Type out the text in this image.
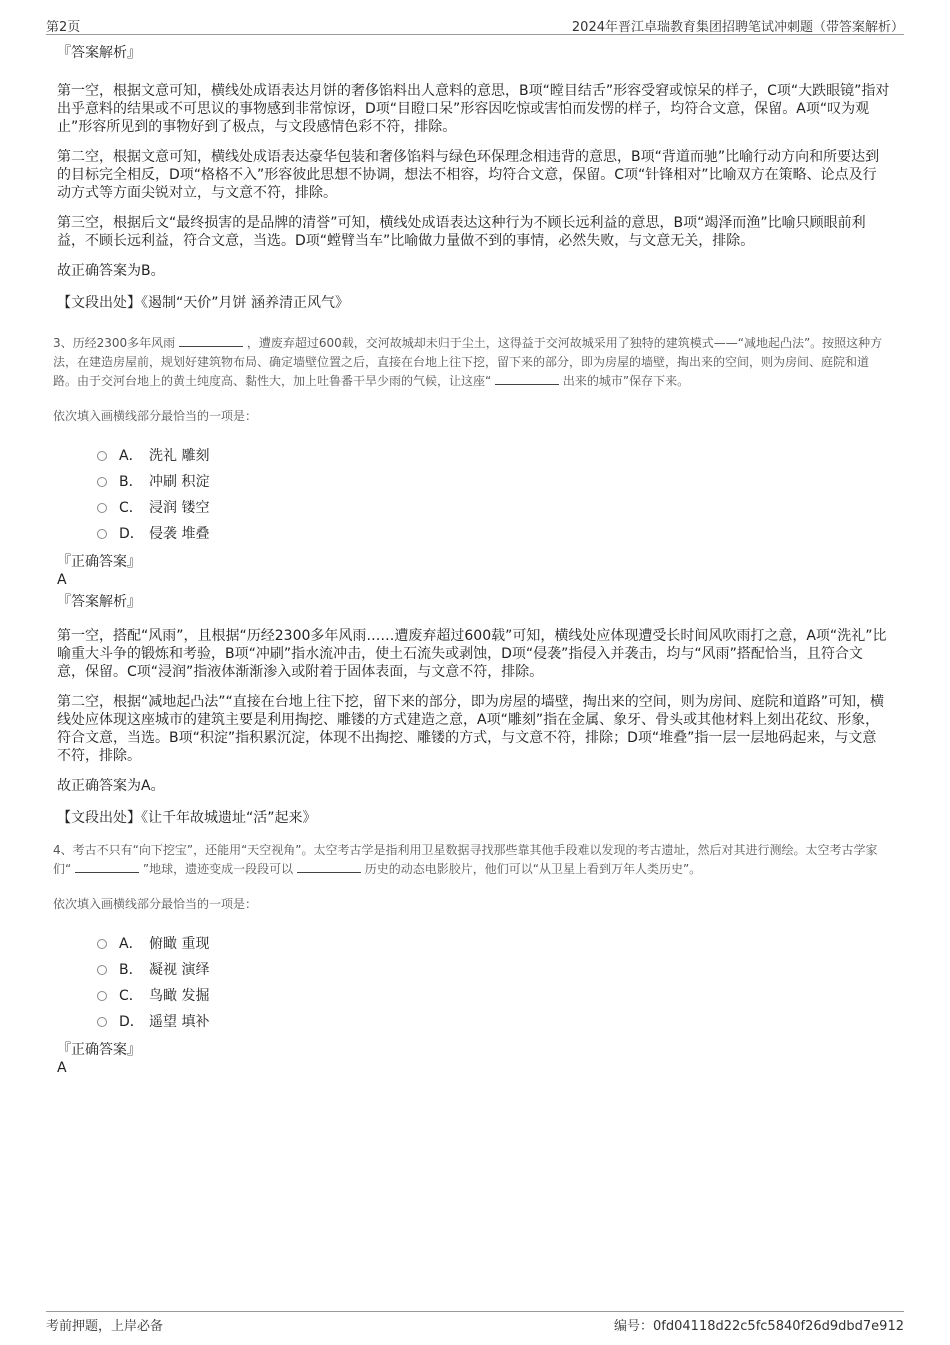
第2页	2024年晋江卓瑞教育集团招聘笔试冲刺题（带答案解析）
『答案解析』

第一空，根据文意可知，横线处成语表达月饼的奢侈馅料出人意料的意思，B项“瞠目结舌”形容受窘或惊呆的样子，C项“大跌眼镜”指对出乎意料的结果或不可思议的事物感到非常惊讶，D项“目瞪口呆”形容因吃惊或害怕而发愣的样子，均符合文意，保留。A项“叹为观止”形容所见到的事物好到了极点，与文段感情色彩不符，排除。

第二空，根据文意可知，横线处成语表达豪华包装和奢侈馅料与绿色环保理念相违背的意思，B项“背道而驰”比喻行动方向和所要达到的目标完全相反，D项“格格不入”形容彼此思想不协调，想法不相容，均符合文意，保留。C项“针锋相对”比喻双方在策略、论点及行动方式等方面尖锐对立，与文意不符，排除。

第三空，根据后文“最终损害的是品牌的清誉”可知，横线处成语表达这种行为不顾长远利益的意思，B项“竭泽而渔”比喻只顾眼前利益，不顾长远利益，符合文意，当选。D项“螳臂当车”比喻做力量做不到的事情，必然失败，与文意无关，排除。

故正确答案为B。

【文段出处】《遏制“天价”月饼 涵养清正风气》
3、历经2300多年风雨	，遭废弃超过600载，交河故城却未归于尘土，这得益于交河故城采用了独特的建筑模式——“减地起凸法”。按照这种方法，在建造房屋前，规划好建筑物布局、确定墙壁位置之后，直接在台地上往下挖，留下来的部分，即为房屋的墙壁，掏出来的空间，则为房间、庭院和道路。由于交河台地上的黄土纯度高、黏性大，加上吐鲁番干旱少雨的气候，让这座“	出来的城市”保存下来。
依次填入画横线部分最恰当的一项是：
A． 洗礼 雕刻
B． 冲刷 积淀
C． 浸润 镂空
D． 侵袭 堆叠
『正确答案』
A
『答案解析』

第一空，搭配“风雨”，且根据“历经2300多年风雨……遭废弃超过600载”可知，横线处应体现遭受长时间风吹雨打之意，A项“洗礼”比喻重大斗争的锻炼和考验，B项“冲刷”指水流冲击，使土石流失或剥蚀，D项“侵袭”指侵入并袭击，均与“风雨”搭配恰当，且符合文意，保留。C项“浸润”指液体渐渐渗入或附着于固体表面，与文意不符，排除。

第二空，根据“减地起凸法”“直接在台地上往下挖，留下来的部分，即为房屋的墙壁，掏出来的空间，则为房间、庭院和道路”可知，横线处应体现这座城市的建筑主要是利用掏挖、雕镂的方式建造之意，A项“雕刻”指在金属、象牙、骨头或其他材料上刻出花纹、形象，符合文意，当选。B项“积淀”指积累沉淀，体现不出掏挖、雕镂的方式，与文意不符，排除；D项“堆叠”指一层一层地码起来，与文意不符，排除。

故正确答案为A。

【文段出处】《让千年故城遗址“活”起来》
4、考古不只有“向下挖宝”，还能用“天空视角”。太空考古学是指利用卫星数据寻找那些靠其他手段难以发现的考古遗址，然后对其进行测绘。太空考古学家们“	”地球，遗迹变成一段段可以	历史的动态电影胶片，他们可以“从卫星上看到万年人类历史”。
依次填入画横线部分最恰当的一项是：
A． 俯瞰 重现
B． 凝视 演绎
C． 鸟瞰 发掘
D． 遥望 填补
『正确答案』
A
考前押题，上岸必备	编号：0fd04118d22c5fc5840f26d9dbd7e912
